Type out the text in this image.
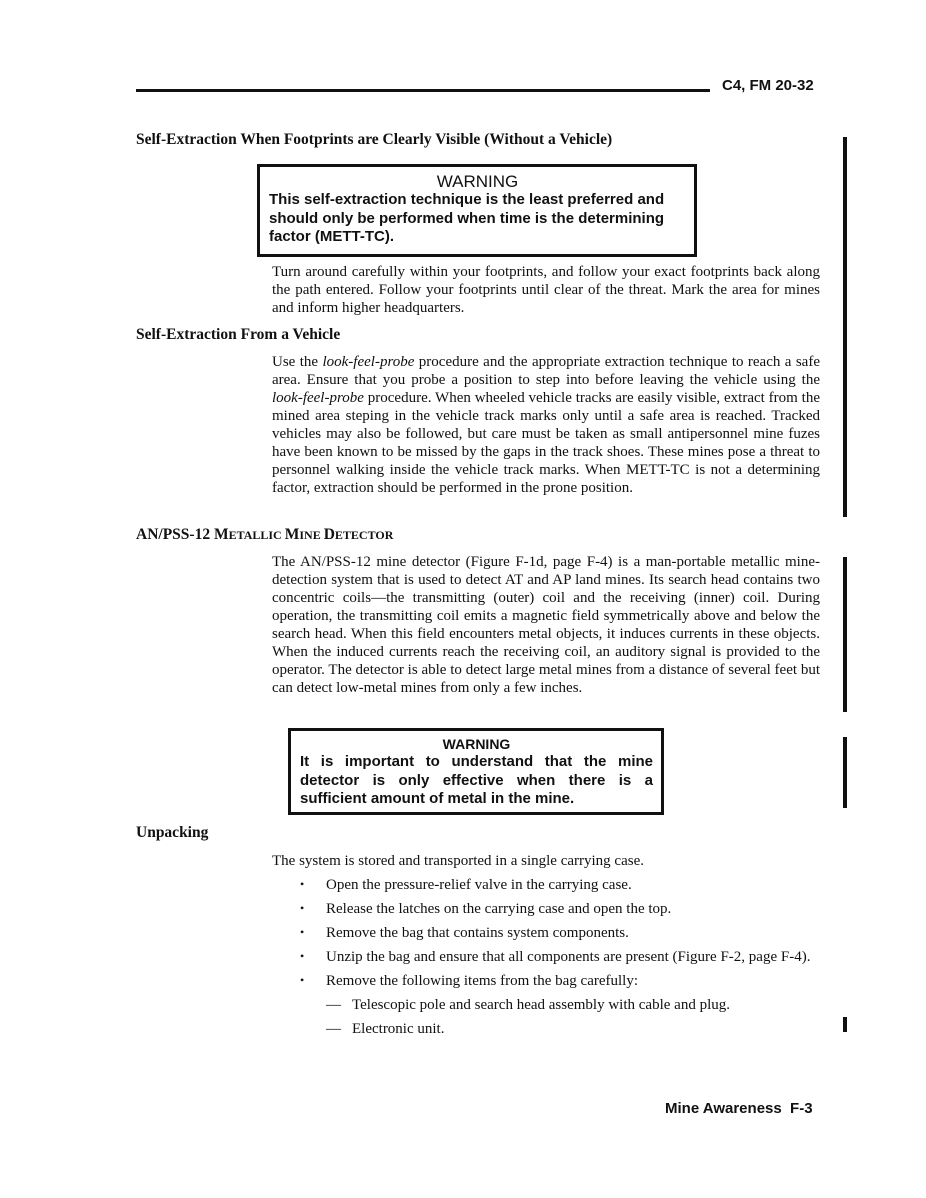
C4, FM 20-32
Self-Extraction When Footprints are Clearly Visible (Without a Vehicle)
WARNING
This self-extraction technique is the least preferred and should only be performed when time is the determining factor (METT-TC).

Turn around carefully within your footprints, and follow your exact footprints back along the path entered. Follow your footprints until clear of the threat. Mark the area for mines and inform higher headquarters.

Self-Extraction From a Vehicle

Use the look-feel-probe procedure and the appropriate extraction technique to reach a safe area. Ensure that you probe a position to step into before leaving the vehicle using the look-feel-probe procedure. When wheeled vehicle tracks are easily visible, extract from the mined area steping in the vehicle track marks only until a safe area is reached. Tracked vehicles may also be followed, but care must be taken as small antipersonnel mine fuzes have been known to be missed by the gaps in the track shoes. These mines pose a threat to personnel walking inside the vehicle track marks. When METT-TC is not a determining factor, extraction should be performed in the prone position.

AN/PSS-12 METALLIC MINE DETECTOR

The AN/PSS-12 mine detector (Figure F-1d, page F-4) is a man-portable metallic mine-detection system that is used to detect AT and AP land mines. Its search head contains two concentric coils—the transmitting (outer) coil and the receiving (inner) coil. During operation, the transmitting coil emits a magnetic field symmetrically above and below the search head. When this field encounters metal objects, it induces currents in these objects. When the induced currents reach the receiving coil, an auditory signal is provided to the operator. The detector is able to detect large metal mines from a distance of several feet but can detect low-metal mines from only a few inches.

WARNING
It is important to understand that the mine detector is only effective when there is a sufficient amount of metal in the mine.
Unpacking

The system is stored and transported in a single carrying case.

• Open the pressure-relief valve in the carrying case.
• Release the latches on the carrying case and open the top.
• Remove the bag that contains system components.
• Unzip the bag and ensure that all components are present (Figure F-2, page F-4).
• Remove the following items from the bag carefully:
— Telescopic pole and search head assembly with cable and plug.
— Electronic unit.
Mine Awareness  F-3
